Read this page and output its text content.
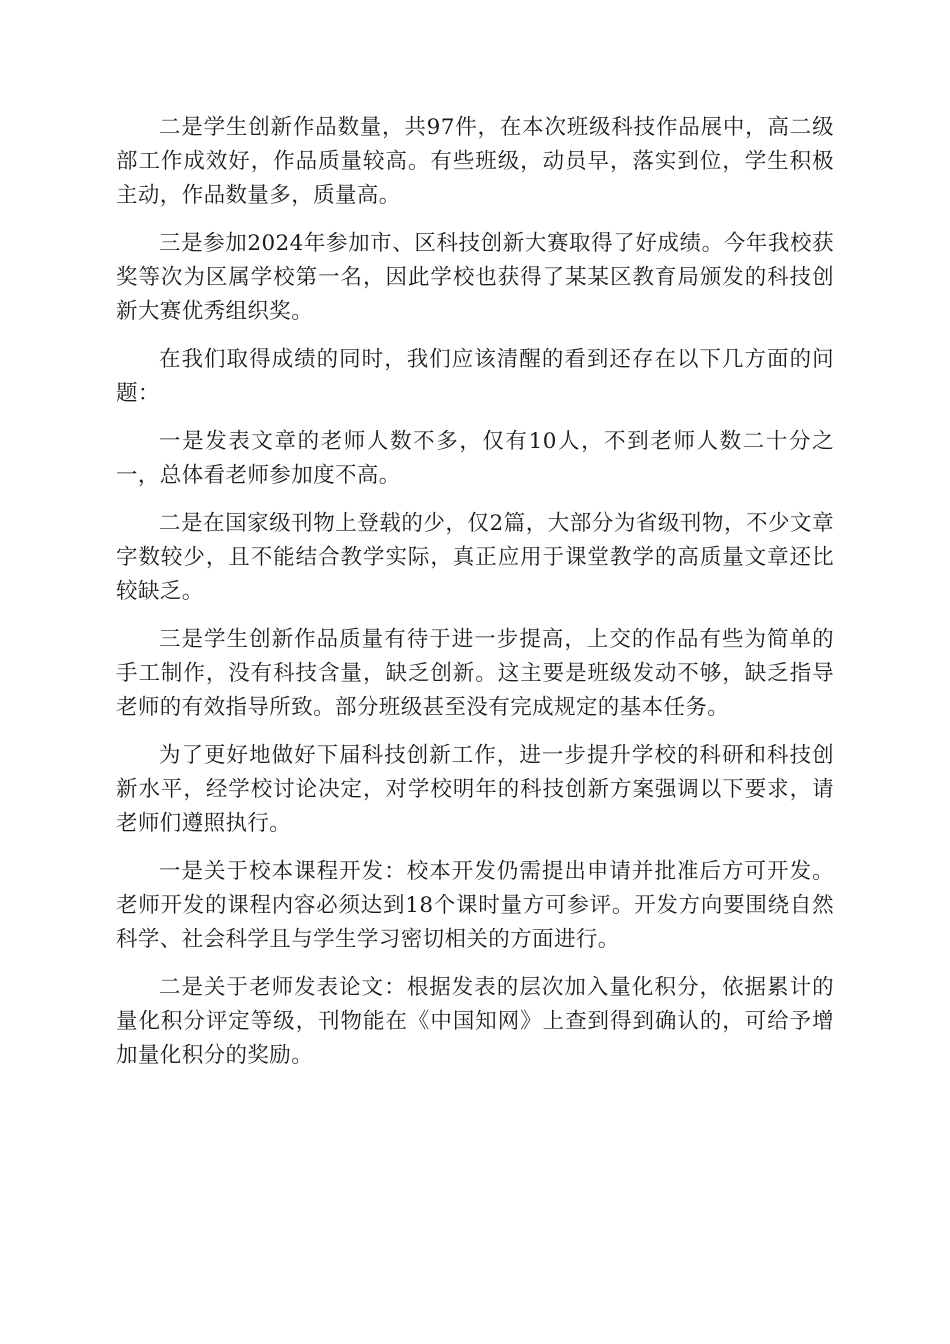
二是学生创新作品数量，共97件，在本次班级科技作品展中，高二级部工作成效好，作品质量较高。有些班级，动员早，落实到位，学生积极主动，作品数量多，质量高。

三是参加2024年参加市、区科技创新大赛取得了好成绩。今年我校获奖等次为区属学校第一名，因此学校也获得了某某区教育局颁发的科技创新大赛优秀组织奖。

在我们取得成绩的同时，我们应该清醒的看到还存在以下几方面的问题：

一是发表文章的老师人数不多，仅有10人，不到老师人数二十分之一，总体看老师参加度不高。

二是在国家级刊物上登载的少，仅2篇，大部分为省级刊物，不少文章字数较少，且不能结合教学实际，真正应用于课堂教学的高质量文章还比较缺乏。

三是学生创新作品质量有待于进一步提高，上交的作品有些为简单的手工制作，没有科技含量，缺乏创新。这主要是班级发动不够，缺乏指导老师的有效指导所致。部分班级甚至没有完成规定的基本任务。

为了更好地做好下届科技创新工作，进一步提升学校的科研和科技创新水平，经学校讨论决定，对学校明年的科技创新方案强调以下要求，请老师们遵照执行。

一是关于校本课程开发：校本开发仍需提出申请并批准后方可开发。老师开发的课程内容必须达到18个课时量方可参评。开发方向要围绕自然科学、社会科学且与学生学习密切相关的方面进行。

二是关于老师发表论文：根据发表的层次加入量化积分，依据累计的量化积分评定等级，刊物能在《中国知网》上查到得到确认的，可给予增加量化积分的奖励。
